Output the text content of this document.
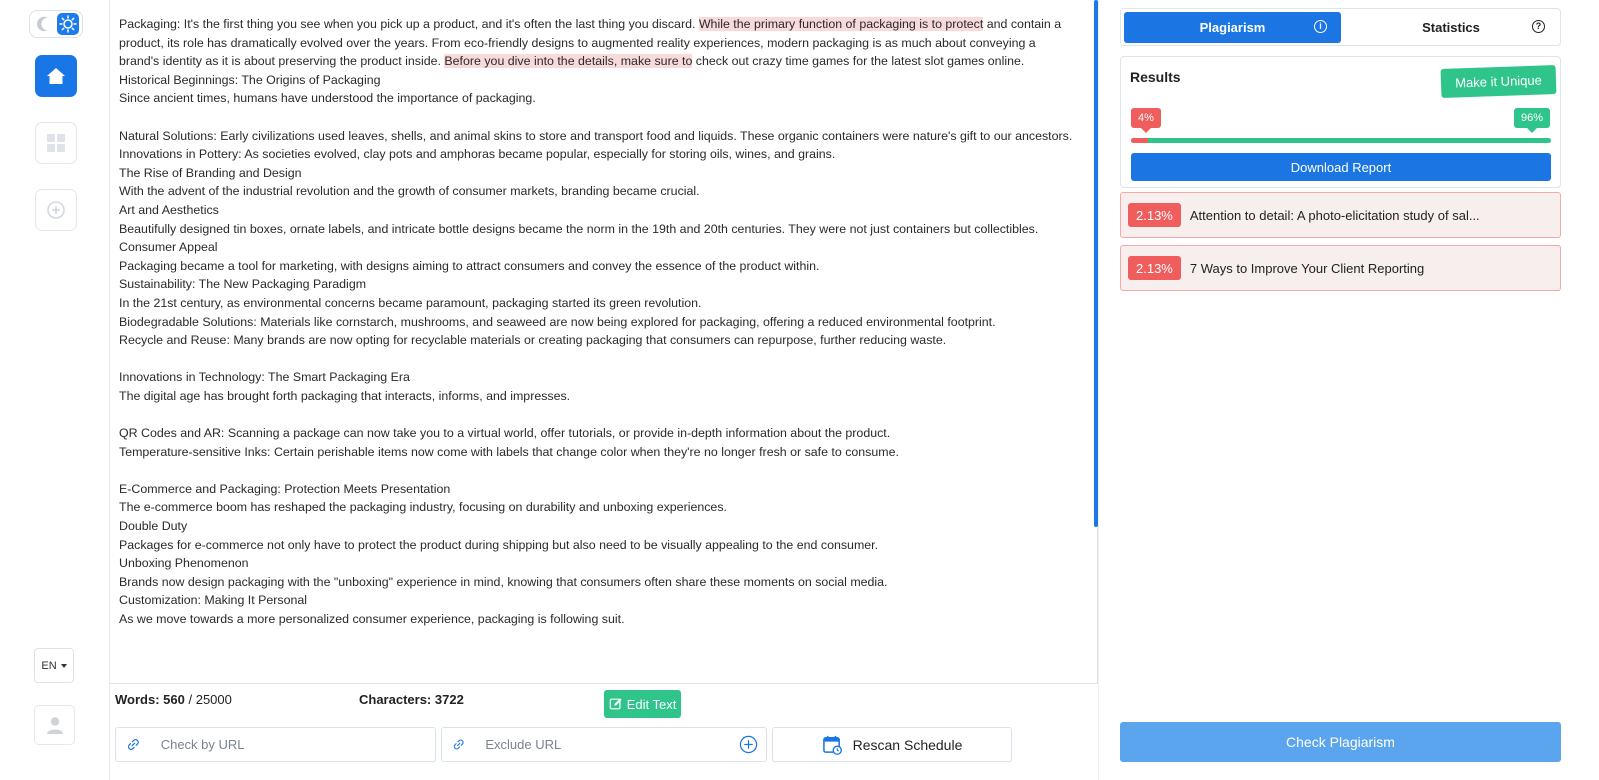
EN

Packaging: It's the first thing you see when you pick up a product, and it's often the last thing you discard. While the primary function of packaging is to protect and contain a product, its role has dramatically evolved over the years. From eco-friendly designs to augmented reality experiences, modern packaging is as much about conveying a brand's identity as it is about preserving the product inside. Before you dive into the details, make sure to check out crazy time games for the latest slot games online.

Historical Beginnings: The Origins of Packaging

Since ancient times, humans have understood the importance of packaging.

Natural Solutions: Early civilizations used leaves, shells, and animal skins to store and transport food and liquids. These organic containers were nature's gift to our ancestors.

Innovations in Pottery: As societies evolved, clay pots and amphoras became popular, especially for storing oils, wines, and grains.

The Rise of Branding and Design

With the advent of the industrial revolution and the growth of consumer markets, branding became crucial.

Art and Aesthetics

Beautifully designed tin boxes, ornate labels, and intricate bottle designs became the norm in the 19th and 20th centuries. They were not just containers but collectibles.

Consumer Appeal

Packaging became a tool for marketing, with designs aiming to attract consumers and convey the essence of the product within.

Sustainability: The New Packaging Paradigm

In the 21st century, as environmental concerns became paramount, packaging started its green revolution.

Biodegradable Solutions: Materials like cornstarch, mushrooms, and seaweed are now being explored for packaging, offering a reduced environmental footprint.

Recycle and Reuse: Many brands are now opting for recyclable materials or creating packaging that consumers can repurpose, further reducing waste.

Innovations in Technology: The Smart Packaging Era

The digital age has brought forth packaging that interacts, informs, and impresses.

QR Codes and AR: Scanning a package can now take you to a virtual world, offer tutorials, or provide in-depth information about the product.

Temperature-sensitive Inks: Certain perishable items now come with labels that change color when they're no longer fresh or safe to consume.

E-Commerce and Packaging: Protection Meets Presentation

The e-commerce boom has reshaped the packaging industry, focusing on durability and unboxing experiences.

Double Duty

Packages for e-commerce not only have to protect the product during shipping but also need to be visually appealing to the end consumer.

Unboxing Phenomenon

Brands now design packaging with the "unboxing" experience in mind, knowing that consumers often share these moments on social media.

Customization: Making It Personal

As we move towards a more personalized consumer experience, packaging is following suit.

Words: 560 / 25000	Characters: 3722	Edit Text
Check by URL
Exclude URL
Rescan Schedule
Plagiarism	i	Statistics	?
Results	Make it Unique
4%	96%
Download Report
2.13%	Attention to detail: A photo-elicitation study of sal...
2.13%	7 Ways to Improve Your Client Reporting
Check Plagiarism
